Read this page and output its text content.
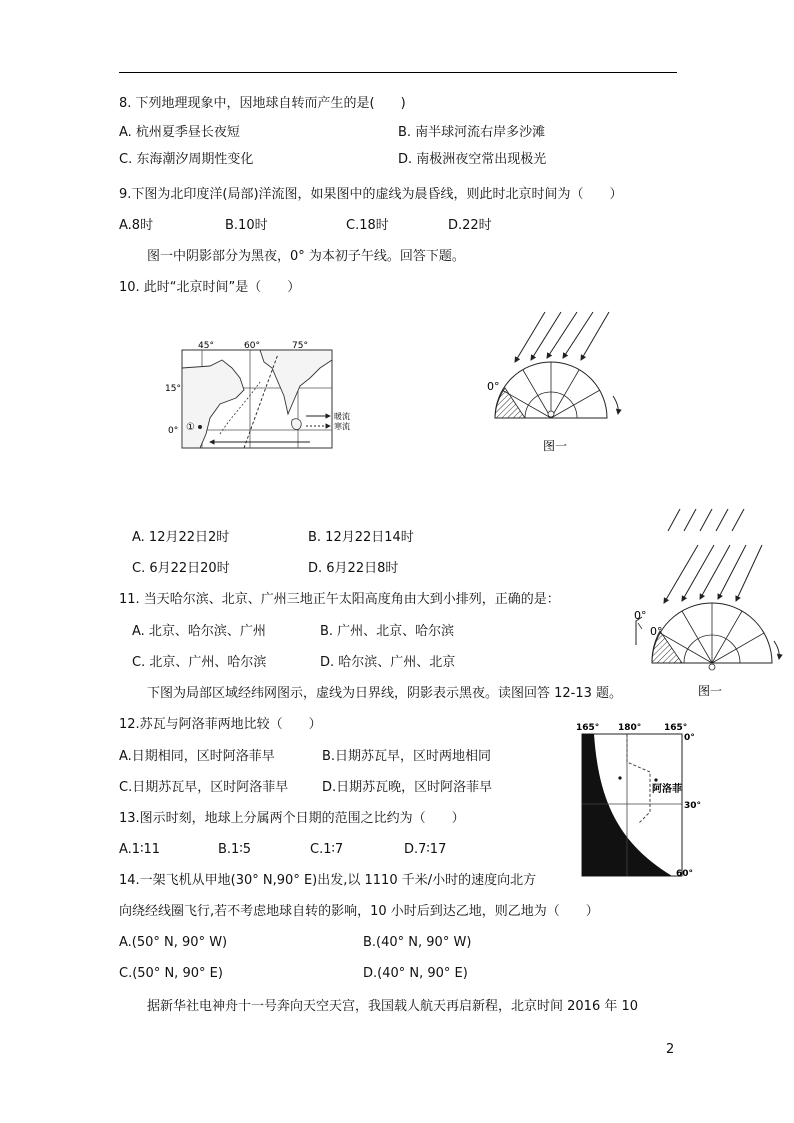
8. 下列地理现象中，因地球自转而产生的是(　　)
A. 杭州夏季昼长夜短	B. 南半球河流右岸多沙滩
C. 东海潮汐周期性变化	D. 南极洲夜空常出现极光
9.下图为北印度洋(局部)洋流图，如果图中的虚线为晨昏线，则此时北京时间为（　　）
A.8时	B.10时	C.18时	D.22时
图一中阴影部分为黑夜，0° 为本初子午线。回答下题。
10. 此时“北京时间”是（　　）
45°	60°	75°
15°
0° ①
暖流
寒流
0°
图一
A. 12月22日2时	B. 12月22日14时
C. 6月22日20时	D. 6月22日8时
0°
0°
图一
11. 当天哈尔滨、北京、广州三地正午太阳高度角由大到小排列，正确的是：
A. 北京、哈尔滨、广州	B. 广州、北京、哈尔滨
C. 北京、广州、哈尔滨	D. 哈尔滨、广州、北京
下图为局部区域经纬网图示，虚线为日界线，阴影表示黑夜。读图回答 12-13 题。
12.苏瓦与阿洛菲两地比较（　　）
A.日期相同，区时阿洛菲早	B.日期苏瓦早，区时两地相同
C.日期苏瓦早，区时阿洛菲早	D.日期苏瓦晚，区时阿洛菲早
165° 180°	165°
0°
30°
60°
苏瓦	阿洛菲
13.图示时刻，地球上分属两个日期的范围之比约为（　　）
A.1∶11	B.1∶5	C.1∶7	D.7∶17
14.一架飞机从甲地(30° N,90° E)出发,以 1110 千米/小时的速度向北方
向绕经线圈飞行,若不考虑地球自转的影响，10 小时后到达乙地，则乙地为（　　）
A.(50° N, 90° W)	B.(40° N, 90° W)
C.(50° N, 90° E)	D.(40° N, 90° E)
据新华社电神舟十一号奔向天空天宫，我国载人航天再启新程，北京时间 2016 年 10
2
